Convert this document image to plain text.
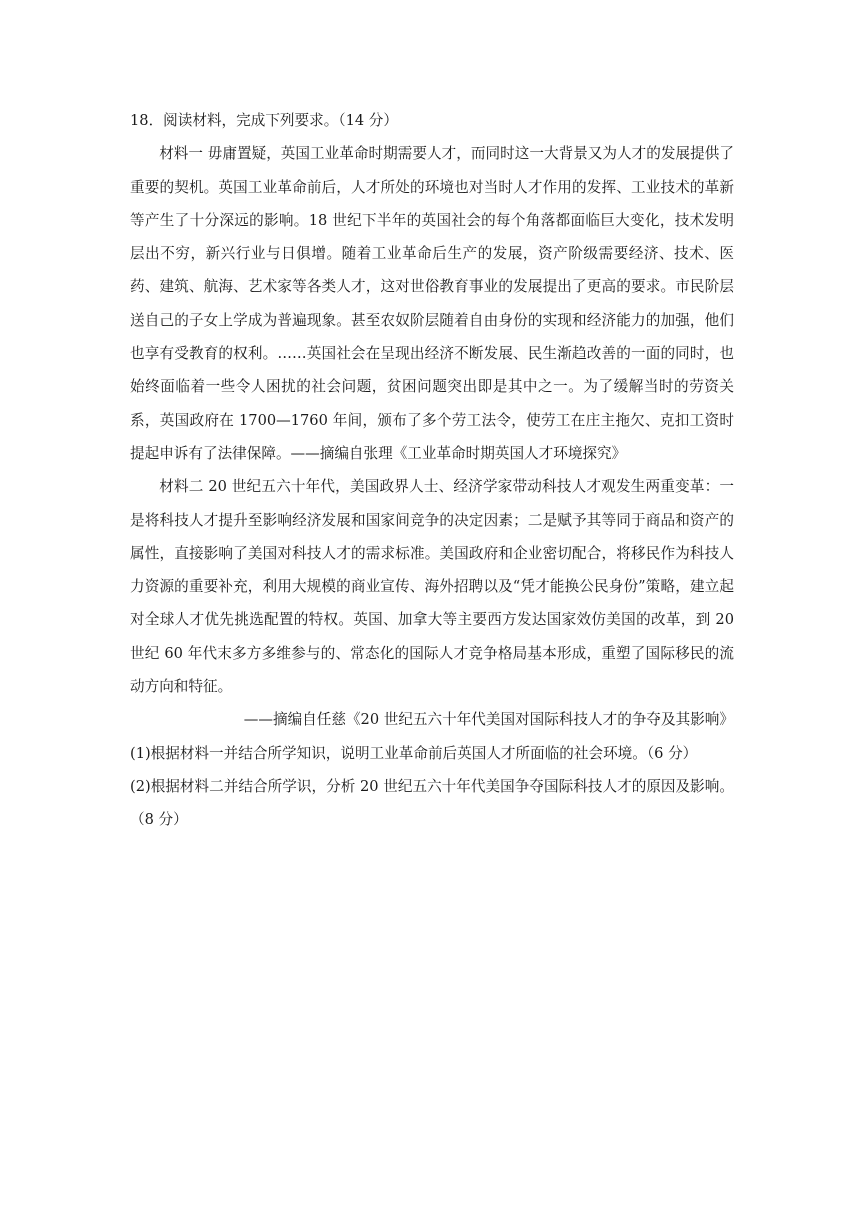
18．阅读材料，完成下列要求。（14 分）

材料一 毋庸置疑，英国工业革命时期需要人才，而同时这一大背景又为人才的发展提供了重要的契机。英国工业革命前后，人才所处的环境也对当时人才作用的发挥、工业技术的革新等产生了十分深远的影响。18 世纪下半年的英国社会的每个角落都面临巨大变化，技术发明层出不穷，新兴行业与日俱增。随着工业革命后生产的发展，资产阶级需要经济、技术、医药、建筑、航海、艺术家等各类人才，这对世俗教育事业的发展提出了更高的要求。市民阶层送自己的子女上学成为普遍现象。甚至农奴阶层随着自由身份的实现和经济能力的加强，他们也享有受教育的权利。……英国社会在呈现出经济不断发展、民生渐趋改善的一面的同时，也始终面临着一些令人困扰的社会问题，贫困问题突出即是其中之一。为了缓解当时的劳资关系，英国政府在 1700—1760 年间，颁布了多个劳工法令，使劳工在庄主拖欠、克扣工资时提起申诉有了法律保障。——摘编自张理《工业革命时期英国人才环境探究》

材料二 20 世纪五六十年代，美国政界人士、经济学家带动科技人才观发生两重变革：一是将科技人才提升至影响经济发展和国家间竞争的决定因素；二是赋予其等同于商品和资产的属性，直接影响了美国对科技人才的需求标准。美国政府和企业密切配合，将移民作为科技人力资源的重要补充，利用大规模的商业宣传、海外招聘以及“凭才能换公民身份”策略，建立起对全球人才优先挑选配置的特权。英国、加拿大等主要西方发达国家效仿美国的改革，到 20 世纪 60 年代末多方多维参与的、常态化的国际人才竞争格局基本形成，重塑了国际移民的流动方向和特征。

——摘编自任慈《20 世纪五六十年代美国对国际科技人才的争夺及其影响》

(1)根据材料一并结合所学知识，说明工业革命前后英国人才所面临的社会环境。（6 分）

(2)根据材料二并结合所学识，分析 20 世纪五六十年代美国争夺国际科技人才的原因及影响。（8 分）
